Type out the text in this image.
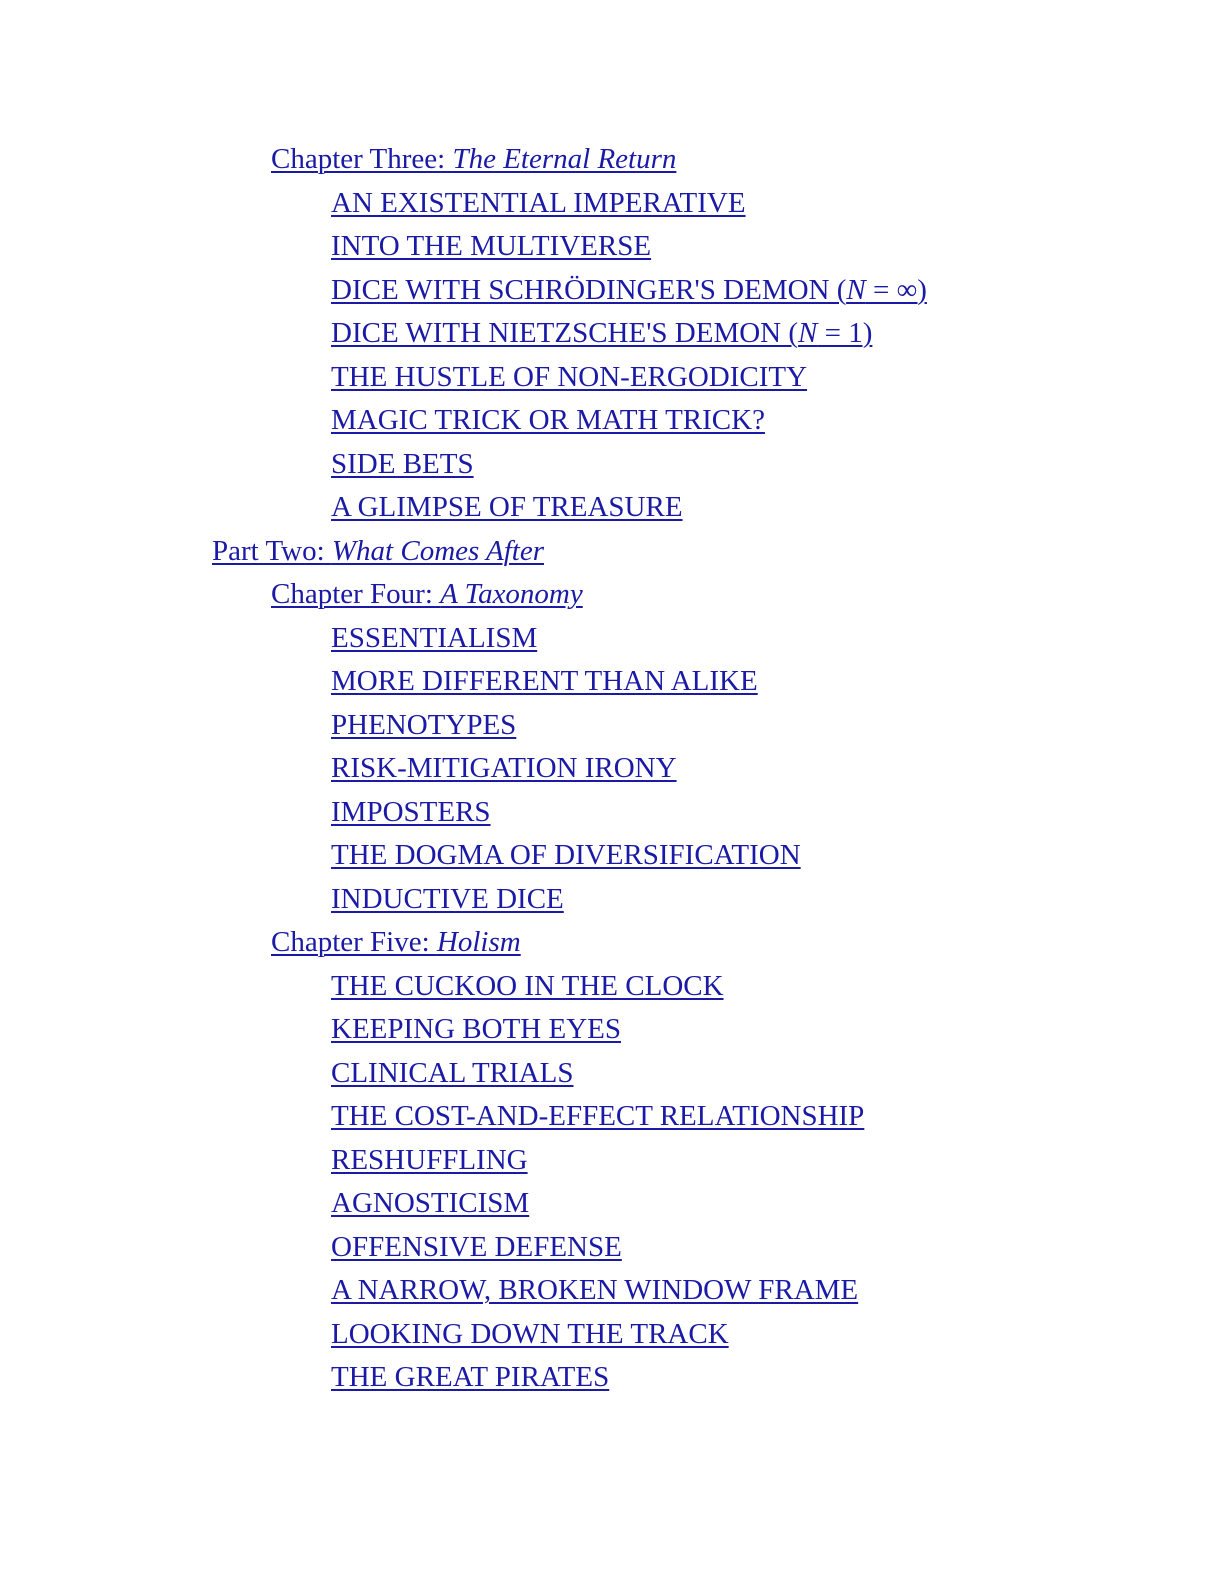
Chapter Three: The Eternal Return
AN EXISTENTIAL IMPERATIVE
INTO THE MULTIVERSE
DICE WITH SCHRÖDINGER'S DEMON (N = ∞)
DICE WITH NIETZSCHE'S DEMON (N = 1)
THE HUSTLE OF NON-ERGODICITY
MAGIC TRICK OR MATH TRICK?
SIDE BETS
A GLIMPSE OF TREASURE
Part Two: What Comes After
Chapter Four: A Taxonomy
ESSENTIALISM
MORE DIFFERENT THAN ALIKE
PHENOTYPES
RISK-MITIGATION IRONY
IMPOSTERS
THE DOGMA OF DIVERSIFICATION
INDUCTIVE DICE
Chapter Five: Holism
THE CUCKOO IN THE CLOCK
KEEPING BOTH EYES
CLINICAL TRIALS
THE COST-AND-EFFECT RELATIONSHIP
RESHUFFLING
AGNOSTICISM
OFFENSIVE DEFENSE
A NARROW, BROKEN WINDOW FRAME
LOOKING DOWN THE TRACK
THE GREAT PIRATES
